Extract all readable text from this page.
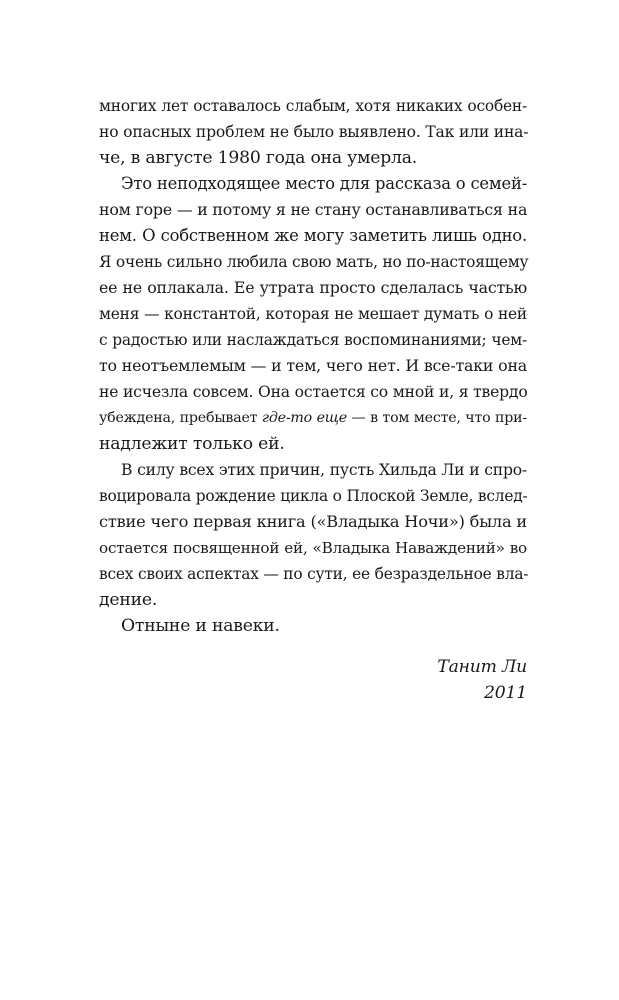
многих лет оставалось слабым, хотя никаких особен-
но опасных проблем не было выявлено. Так или ина-
че, в августе 1980 года она умерла.
Это неподходящее место для рассказа о семей-
ном горе — и потому я не стану останавливаться на
нем. О собственном же могу заметить лишь одно.
Я очень сильно любила свою мать, но по-настоящему
ее не оплакала. Ее утрата просто сделалась частью
меня — константой, которая не мешает думать о ней
с радостью или наслаждаться воспоминаниями; чем-
то неотъемлемым — и тем, чего нет. И все-таки она
не исчезла совсем. Она остается со мной и, я твердо
убеждена, пребывает где-то еще — в том месте, что при-
надлежит только ей.
В силу всех этих причин, пусть Хильда Ли и спро-
воцировала рождение цикла о Плоской Земле, вслед-
ствие чего первая книга («Владыка Ночи») была и
остается посвященной ей, «Владыка Наваждений» во
всех своих аспектах — по сути, ее безраздельное вла-
дение.
Отныне и навеки.
Танит Ли
2011
